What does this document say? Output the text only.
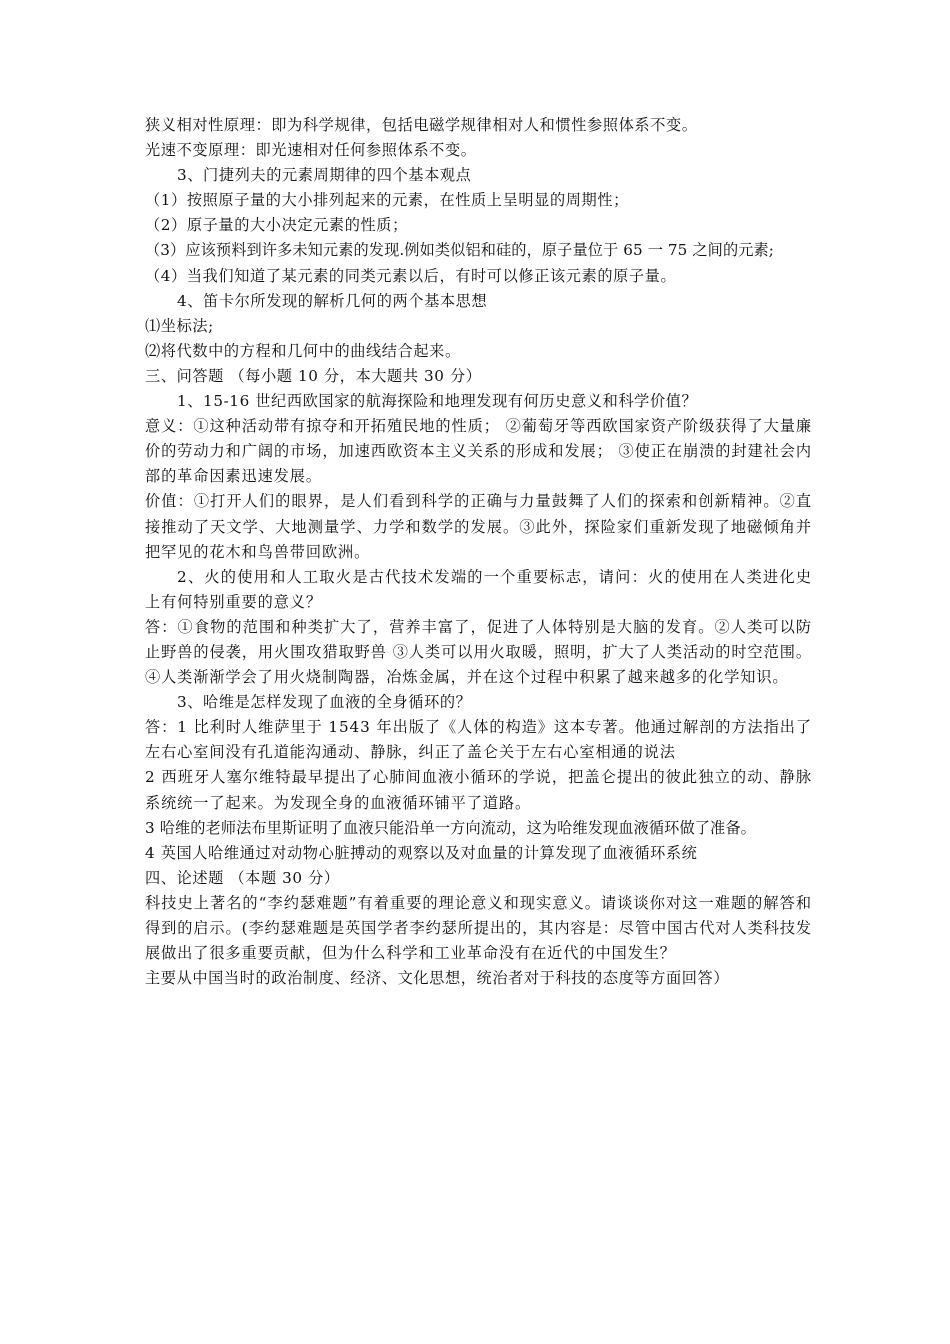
狭义相对性原理：即为科学规律，包括电磁学规律相对人和惯性参照体系不变。
光速不变原理：即光速相对任何参照体系不变。
3、门捷列夫的元素周期律的四个基本观点
（1）按照原子量的大小排列起来的元素，在性质上呈明显的周期性；
（2）原子量的大小决定元素的性质；
（3）应该预料到许多未知元素的发现.例如类似铝和硅的，原子量位于 65 一 75 之间的元素;
（4）当我们知道了某元素的同类元素以后，有时可以修正该元素的原子量。
4、笛卡尔所发现的解析几何的两个基本思想
⑴坐标法;
⑵将代数中的方程和几何中的曲线结合起来。
三、问答题 （每小题 10 分，本大题共 30 分）
1、15-16 世纪西欧国家的航海探险和地理发现有何历史意义和科学价值？
意义：①这种活动带有掠夺和开拓殖民地的性质； ②葡萄牙等西欧国家资产阶级获得了大量廉价的劳动力和广阔的市场，加速西欧资本主义关系的形成和发展； ③使正在崩溃的封建社会内部的革命因素迅速发展。
价值：①打开人们的眼界，是人们看到科学的正确与力量鼓舞了人们的探索和创新精神。②直接推动了天文学、大地测量学、力学和数学的发展。③此外，探险家们重新发现了地磁倾角并把罕见的花木和鸟兽带回欧洲。
2、火的使用和人工取火是古代技术发端的一个重要标志，请问：火的使用在人类进化史上有何特别重要的意义？
答：①食物的范围和种类扩大了，营养丰富了，促进了人体特别是大脑的发育。②人类可以防止野兽的侵袭，用火围攻猎取野兽 ③人类可以用火取暖，照明，扩大了人类活动的时空范围。 ④人类渐渐学会了用火烧制陶器，冶炼金属，并在这个过程中积累了越来越多的化学知识。
3、哈维是怎样发现了血液的全身循环的？
答：1 比利时人维萨里于 1543 年出版了《人体的构造》这本专著。他通过解剖的方法指出了左右心室间没有孔道能沟通动、静脉，纠正了盖仑关于左右心室相通的说法
2 西班牙人塞尔维特最早提出了心肺间血液小循环的学说，把盖仑提出的彼此独立的动、静脉系统统一了起来。为发现全身的血液循环铺平了道路。
3 哈维的老师法布里斯证明了血液只能沿单一方向流动，这为哈维发现血液循环做了准备。
4 英国人哈维通过对动物心脏搏动的观察以及对血量的计算发现了血液循环系统
四、论述题 （本题 30 分）
科技史上著名的“李约瑟难题”有着重要的理论意义和现实意义。请谈谈你对这一难题的解答和得到的启示。(李约瑟难题是英国学者李约瑟所提出的，其内容是：尽管中国古代对人类科技发展做出了很多重要贡献，但为什么科学和工业革命没有在近代的中国发生？
主要从中国当时的政治制度、经济、文化思想，统治者对于科技的态度等方面回答）
